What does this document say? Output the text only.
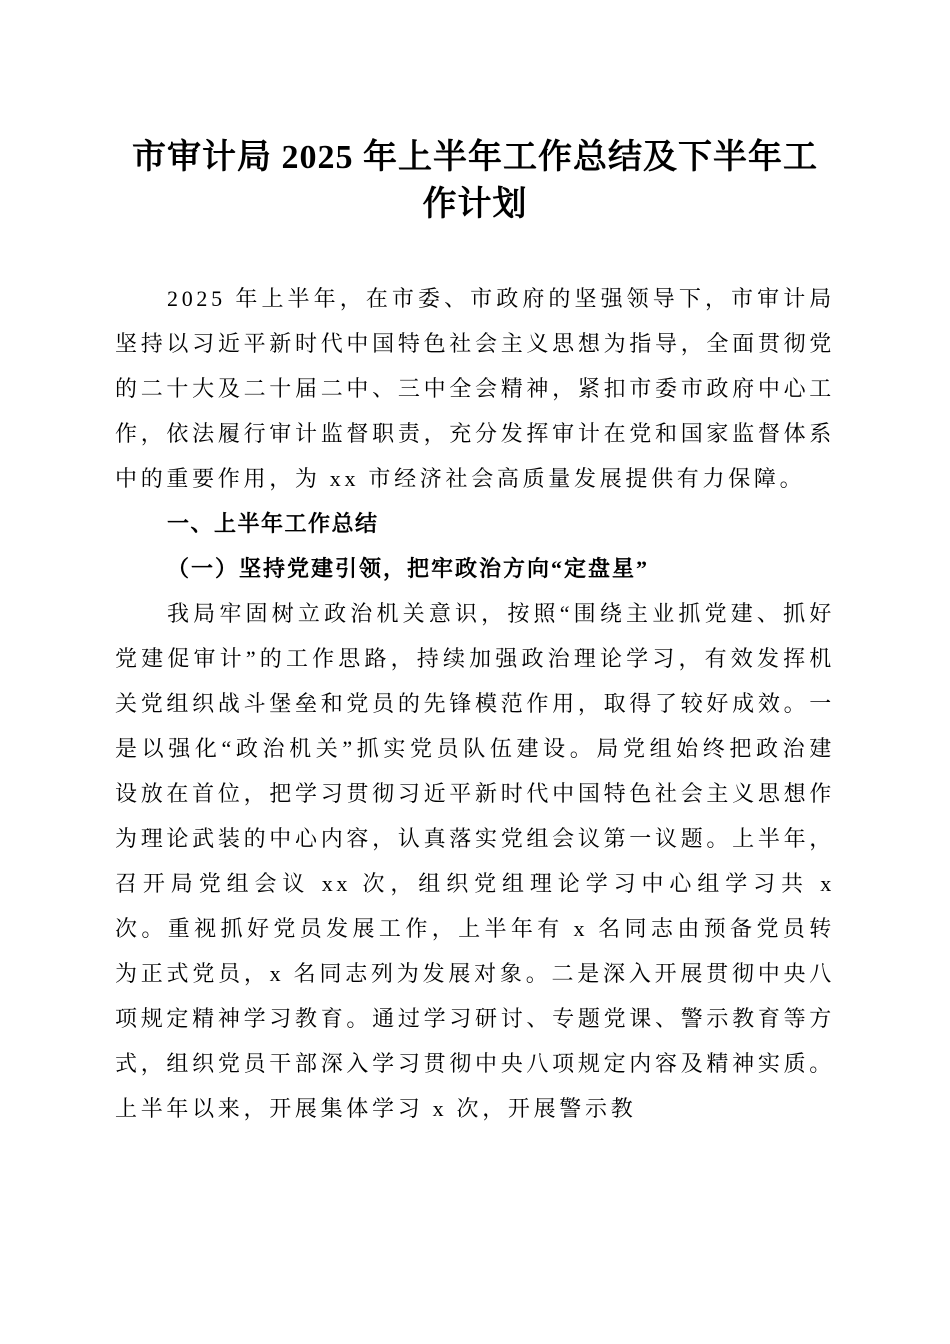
市审计局 2025 年上半年工作总结及下半年工作计划

2025 年上半年，在市委、市政府的坚强领导下，市审计局坚持以习近平新时代中国特色社会主义思想为指导，全面贯彻党的二十大及二十届二中、三中全会精神，紧扣市委市政府中心工作，依法履行审计监督职责，充分发挥审计在党和国家监督体系中的重要作用，为 xx 市经济社会高质量发展提供有力保障。

一、上半年工作总结
（一）坚持党建引领，把牢政治方向“定盘星”

我局牢固树立政治机关意识，按照“围绕主业抓党建、抓好党建促审计”的工作思路，持续加强政治理论学习，有效发挥机关党组织战斗堡垒和党员的先锋模范作用，取得了较好成效。一是以强化“政治机关”抓实党员队伍建设。局党组始终把政治建设放在首位，把学习贯彻习近平新时代中国特色社会主义思想作为理论武装的中心内容，认真落实党组会议第一议题。上半年，召开局党组会议 xx 次，组织党组理论学习中心组学习共 x 次。重视抓好党员发展工作，上半年有 x 名同志由预备党员转为正式党员，x 名同志列为发展对象。二是深入开展贯彻中央八项规定精神学习教育。通过学习研讨、专题党课、警示教育等方式，组织党员干部深入学习贯彻中央八项规定内容及精神实质。上半年以来，开展集体学习 x 次，开展警示教
